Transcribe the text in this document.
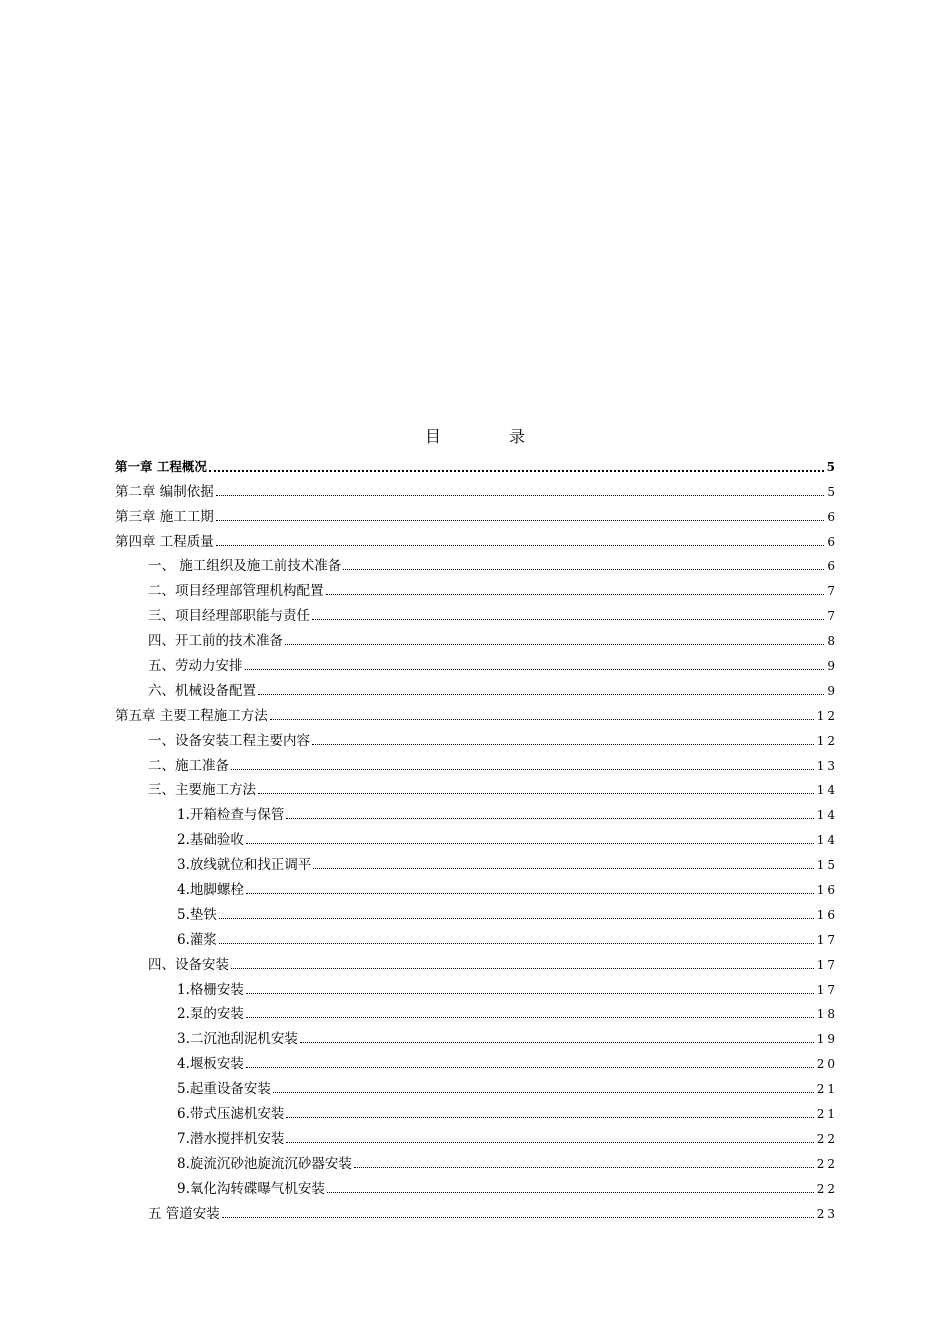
目录
第一章 工程概况	5
第二章 编制依据	5
第三章 施工工期	6
第四章 工程质量	6
一、 施工组织及施工前技术准备	6
二、项目经理部管理机构配置	7
三、项目经理部职能与责任	7
四、开工前的技术准备	8
五、劳动力安排	9
六、机械设备配置	9
第五章 主要工程施工方法	12
一、设备安装工程主要内容	12
二、施工准备	13
三、主要施工方法	14
1.开箱检查与保管	14
2.基础验收	14
3.放线就位和找正调平	15
4.地脚螺栓	16
5.垫铁	16
6.灌浆	17
四、设备安装	17
1.格栅安装	17
2.泵的安装	18
3.二沉池刮泥机安装	19
4.堰板安装	20
5.起重设备安装	21
6.带式压滤机安装	21
7.潜水搅拌机安装	22
8.旋流沉砂池旋流沉砂器安装	22
9.氧化沟转碟曝气机安装	22
五 管道安装	23
